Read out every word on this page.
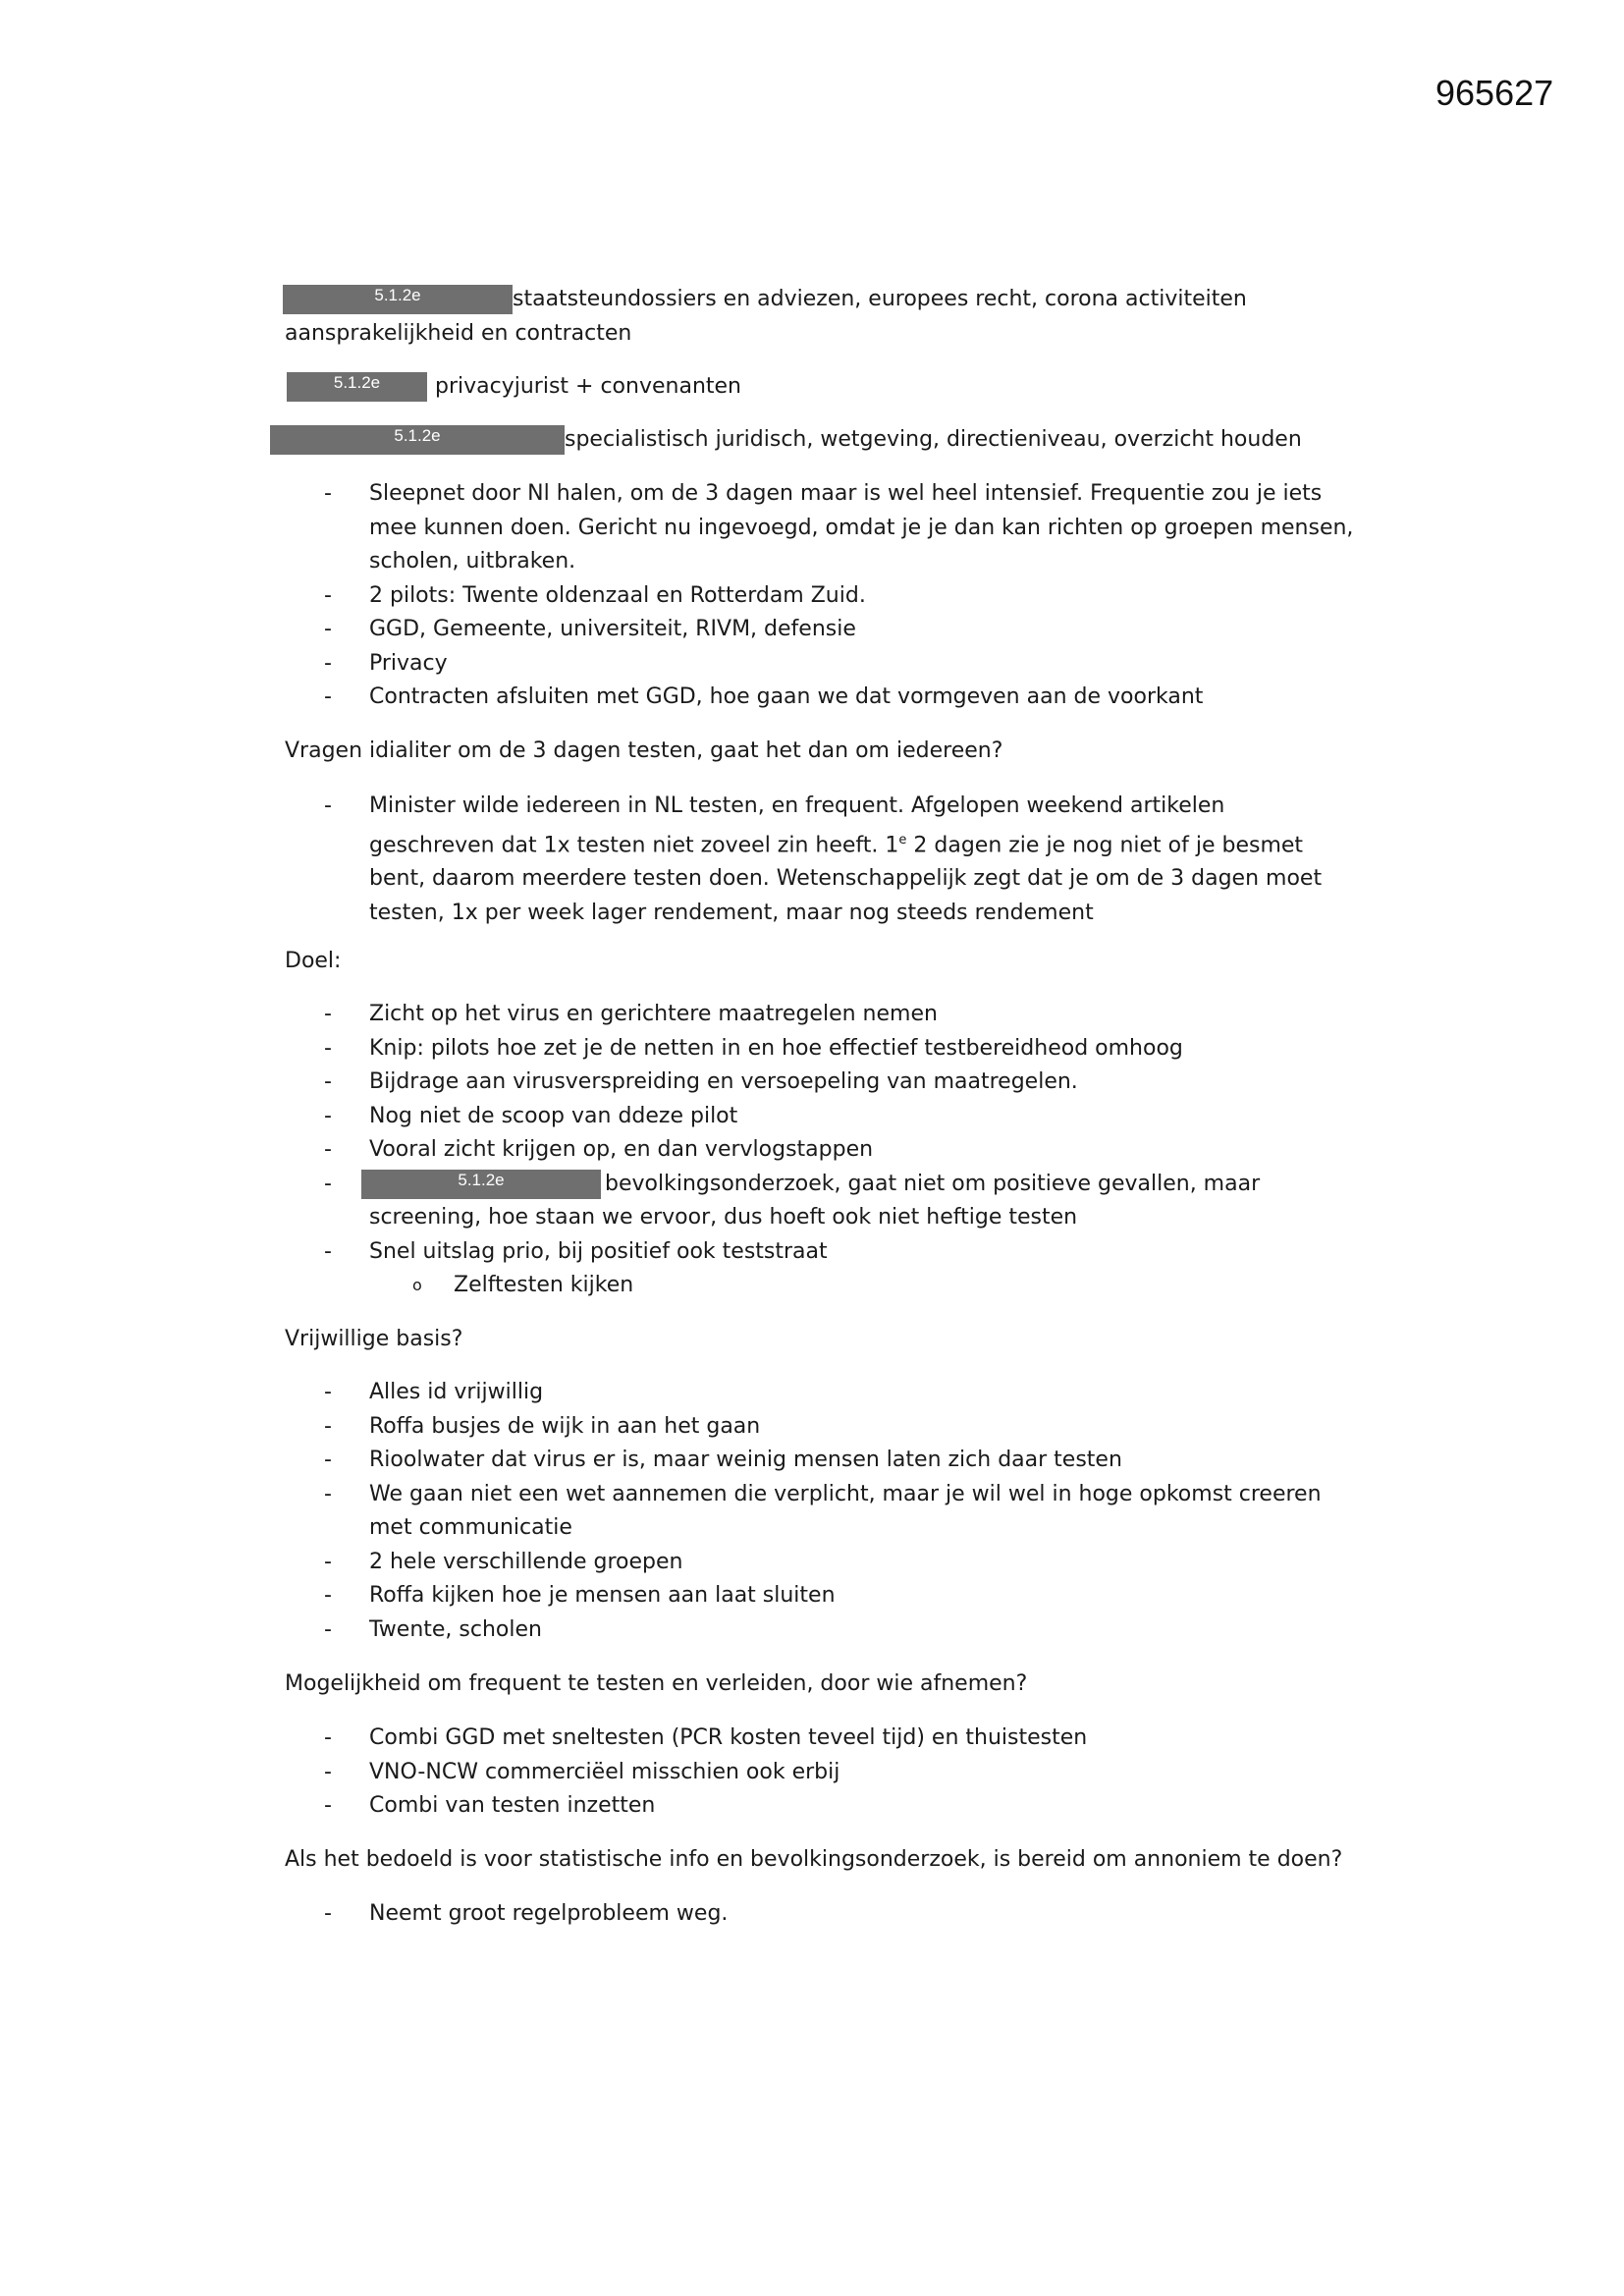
965627
5.1.2e	staatsteundossiers en adviezen, europees recht, corona activiteiten
aansprakelijkheid en contracten
5.1.2e	privacyjurist + convenanten
5.1.2e	specialistisch juridisch, wetgeving, directieniveau, overzicht houden
- Sleepnet door Nl halen, om de 3 dagen maar is wel heel intensief. Frequentie zou je iets mee kunnen doen. Gericht nu ingevoegd, omdat je je dan kan richten op groepen mensen, scholen, uitbraken.
- 2 pilots: Twente oldenzaal en Rotterdam Zuid.
- GGD, Gemeente, universiteit, RIVM, defensie
- Privacy
- Contracten afsluiten met GGD, hoe gaan we dat vormgeven aan de voorkant
Vragen idialiter om de 3 dagen testen, gaat het dan om iedereen?
- Minister wilde iedereen in NL testen, en frequent. Afgelopen weekend artikelen geschreven dat 1x testen niet zoveel zin heeft. 1e 2 dagen zie je nog niet of je besmet bent, daarom meerdere testen doen. Wetenschappelijk zegt dat je om de 3 dagen moet testen, 1x per week lager rendement, maar nog steeds rendement
Doel:
- Zicht op het virus en gerichtere maatregelen nemen
- Knip: pilots hoe zet je de netten in en hoe effectief testbereidheod omhoog
- Bijdrage aan virusverspreiding en versoepeling van maatregelen.
- Nog niet de scoop van ddeze pilot
- Vooral zicht krijgen op, en dan vervlogstappen
-	5.1.2e	bevolkingsonderzoek, gaat niet om positieve gevallen, maar screening, hoe staan we ervoor, dus hoeft ook niet heftige testen
- Snel uitslag prio, bij positief ook teststraat
o Zelftesten kijken
Vrijwillige basis?
- Alles id vrijwillig
- Roffa busjes de wijk in aan het gaan
- Rioolwater dat virus er is, maar weinig mensen laten zich daar testen
- We gaan niet een wet aannemen die verplicht, maar je wil wel in hoge opkomst creeren met communicatie
- 2 hele verschillende groepen
- Roffa kijken hoe je mensen aan laat sluiten
- Twente, scholen
Mogelijkheid om frequent te testen en verleiden, door wie afnemen?
- Combi GGD met sneltesten (PCR kosten teveel tijd) en thuistesten
- VNO-NCW commerciëel misschien ook erbij
- Combi van testen inzetten
Als het bedoeld is voor statistische info en bevolkingsonderzoek, is bereid om annoniem te doen?
- Neemt groot regelprobleem weg.
